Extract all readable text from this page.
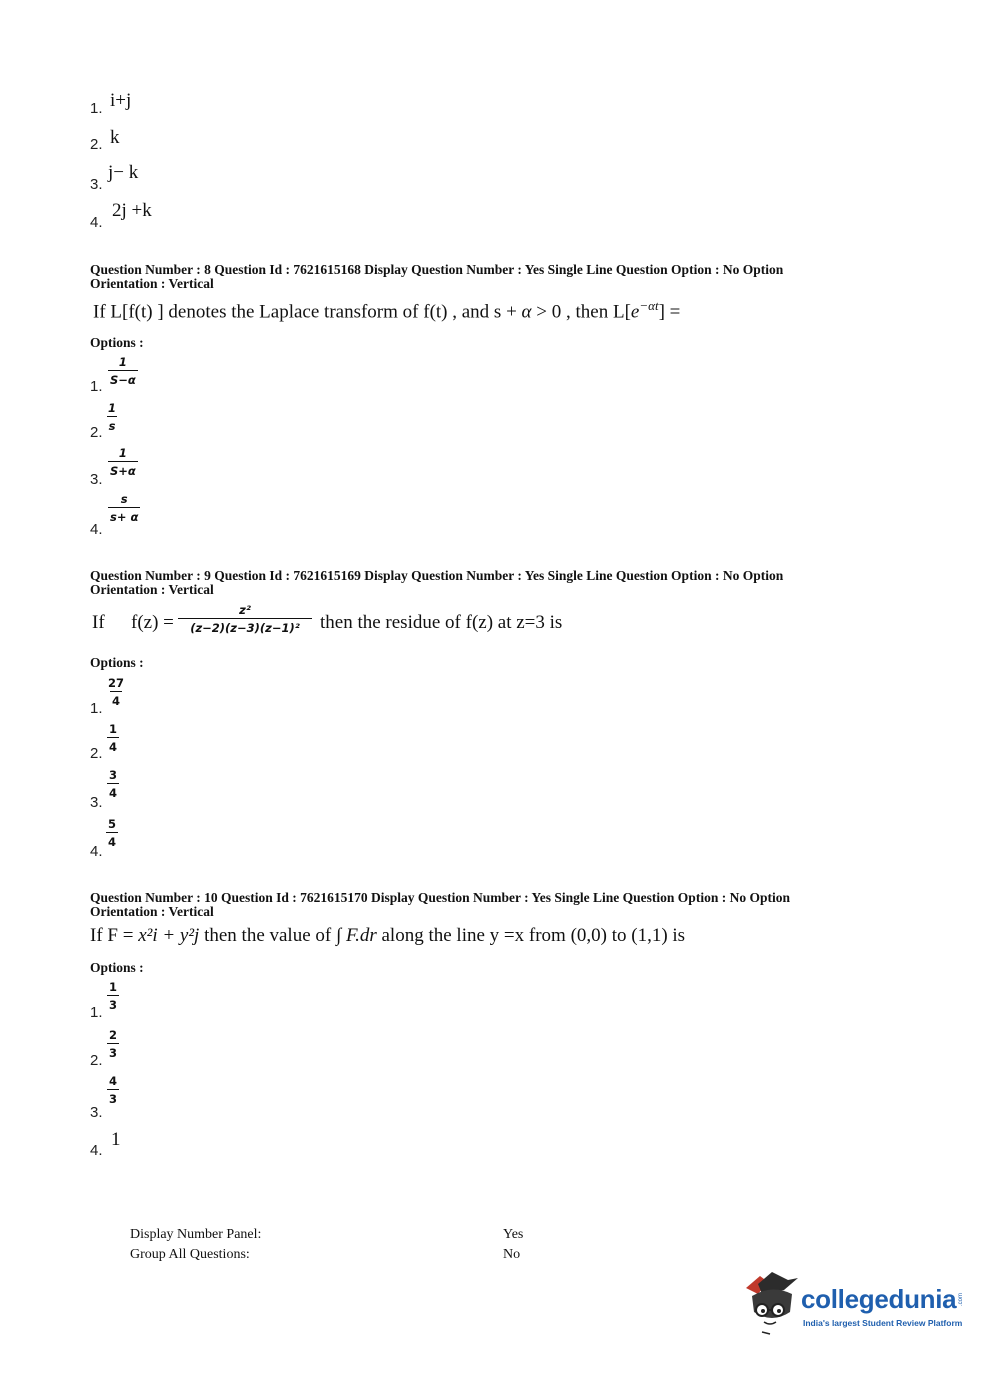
1. i+j
2. k
3.
j− k
4.
2j +k
Question Number : 8 Question Id : 7621615168 Display Question Number : Yes Single Line Question Option : No Option
Orientation : Vertical
If L[f(t) ] denotes the Laplace transform of f(t) , and s + α > 0 , then $L[e^{-\alpha t}]$ =
Options :
1. $\frac{1}{S-\alpha}$
2. $\frac{1}{s}$
3.
$\frac{1}{S+\alpha}$
4.
$\frac{s}{s+ \alpha}$
Question Number : 9 Question Id : 7621615169 Display Question Number : Yes Single Line Question Option : No Option
Orientation : Vertical
If $f(z) = \frac{\text{z²}}{\text{(z−2)(z−3)(z−1)²}}$ then the residue of f(z) at z=3 is
Options :
1.
$\frac{27}{4}$
2. $\frac{1}{4}$
3.
$\frac{3}{4}$
4.
$\frac{5}{4}$
Question Number : 10 Question Id : 7621615170 Display Question Number : Yes Single Line Question Option : No Option
Orientation : Vertical
If F = x²i + y²j then the value of ∫ F.dr along the line y =x from (0,0) to (1,1) is
Options :
1.
$\frac{1}{3}$
2.
$\frac{2}{3}$
3.
$\frac{4}{3}$
4.
1
Display Number Panel:	Yes
Group All Questions:	No
collegedunia .com
India's largest Student Review Platform
